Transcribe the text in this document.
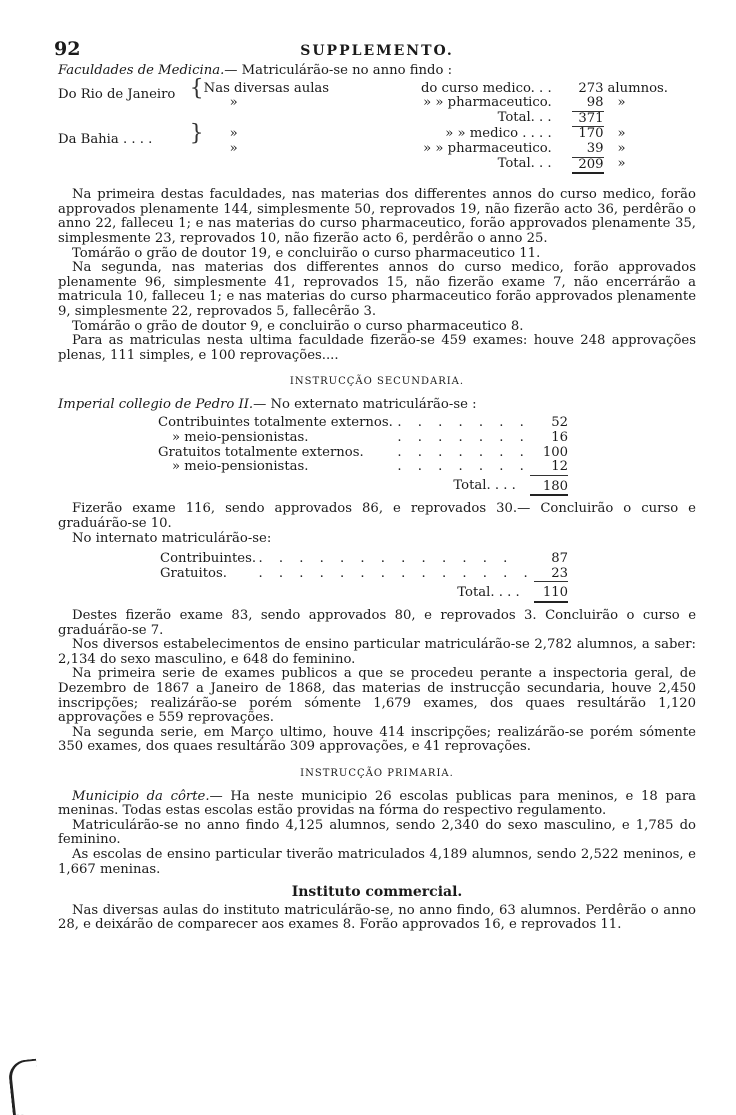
92	SUPPLEMENTO.

Faculdades de Medicina.— Matriculárão-se no anno findo :

Do Rio de Janeiro	{	Nas diversas aulas	do curso medico. . .	273	alumnos.
		»	» » pharmaceutico.	98	»
Total. . .				371	
Da Bahia . . . .	}	»	» » medico . . . .	170	»
		»	» » pharmaceutico.	39	»
Total. . .				209	»

Na primeira destas faculdades, nas materias dos differentes annos do curso medico, forão approvados plenamente 144, simplesmente 50, reprovados 19, não fizerão acto 36, perdêrão o anno 22, falleceu 1; e nas materias do curso pharmaceutico, forão approvados plenamente 35, simplesmente 23, reprovados 10, não fizerão acto 6, perdêrão o anno 25.

Tomárão o grão de doutor 19, e concluirão o curso pharmaceutico 11.

Na segunda, nas materias dos differentes annos do curso medico, forão approvados plenamente 96, simplesmente 41, reprovados 15, não fizerão exame 7, não encerrárão a matricula 10, falleceu 1; e nas materias do curso pharmaceutico forão approvados plenamente 9, simplesmente 22, reprovados 5, fallecêrão 3.

Tomárão o grão de doutor 9, e concluirão o curso pharmaceutico 8.

Para as matriculas nesta ultima faculdade fizerão-se 459 exames: houve 248 approvações plenas, 111 simples, e 100 reprovações....

INSTRUCÇÃO SECUNDARIA.

Imperial collegio de Pedro II.— No externato matriculárão-se :

Contribuintes totalmente externos.	. . . . . . .	52
» meio-pensionistas.	. . . . . . .	16
Gratuitos totalmente externos.	. . . . . . .	100
» meio-pensionistas.	. . . . . . .	12
Total. . . .		180

Fizerão exame 116, sendo approvados 86, e reprovados 30.— Concluirão o curso e graduárão-se 10.

No internato matriculárão-se:

Contribuintes.	. . . . . . . . . . . . .	87
Gratuitos.	. . . . . . . . . . . . . .	23
Total. . . .		110

Destes fizerão exame 83, sendo approvados 80, e reprovados 3. Concluirão o curso e graduárão-se 7.

Nos diversos estabelecimentos de ensino particular matriculárão-se 2,782 alumnos, a saber: 2,134 do sexo masculino, e 648 do feminino.

Na primeira serie de exames publicos a que se procedeu perante a inspectoria geral, de Dezembro de 1867 a Janeiro de 1868, das materias de instrucção secundaria, houve 2,450 inscripções; realizárão-se porém sómente 1,679 exames, dos quaes resultárão 1,120 approvações e 559 reprovações.

Na segunda serie, em Março ultimo, houve 414 inscripções; realizárão-se porém sómente 350 exames, dos quaes resultárão 309 approvações, e 41 reprovações.

INSTRUCÇÃO PRIMARIA.

Municipio da côrte.— Ha neste municipio 26 escolas publicas para meninos, e 18 para meninas. Todas estas escolas estão providas na fórma do respectivo regulamento.

Matriculárão-se no anno findo 4,125 alumnos, sendo 2,340 do sexo masculino, e 1,785 do feminino.

As escolas de ensino particular tiverão matriculados 4,189 alumnos, sendo 2,522 meninos, e 1,667 meninas.

Instituto commercial.

Nas diversas aulas do instituto matriculárão-se, no anno findo, 63 alumnos. Perdêrão o anno 28, e deixárão de comparecer aos exames 8. Forão approvados 16, e reprovados 11.
